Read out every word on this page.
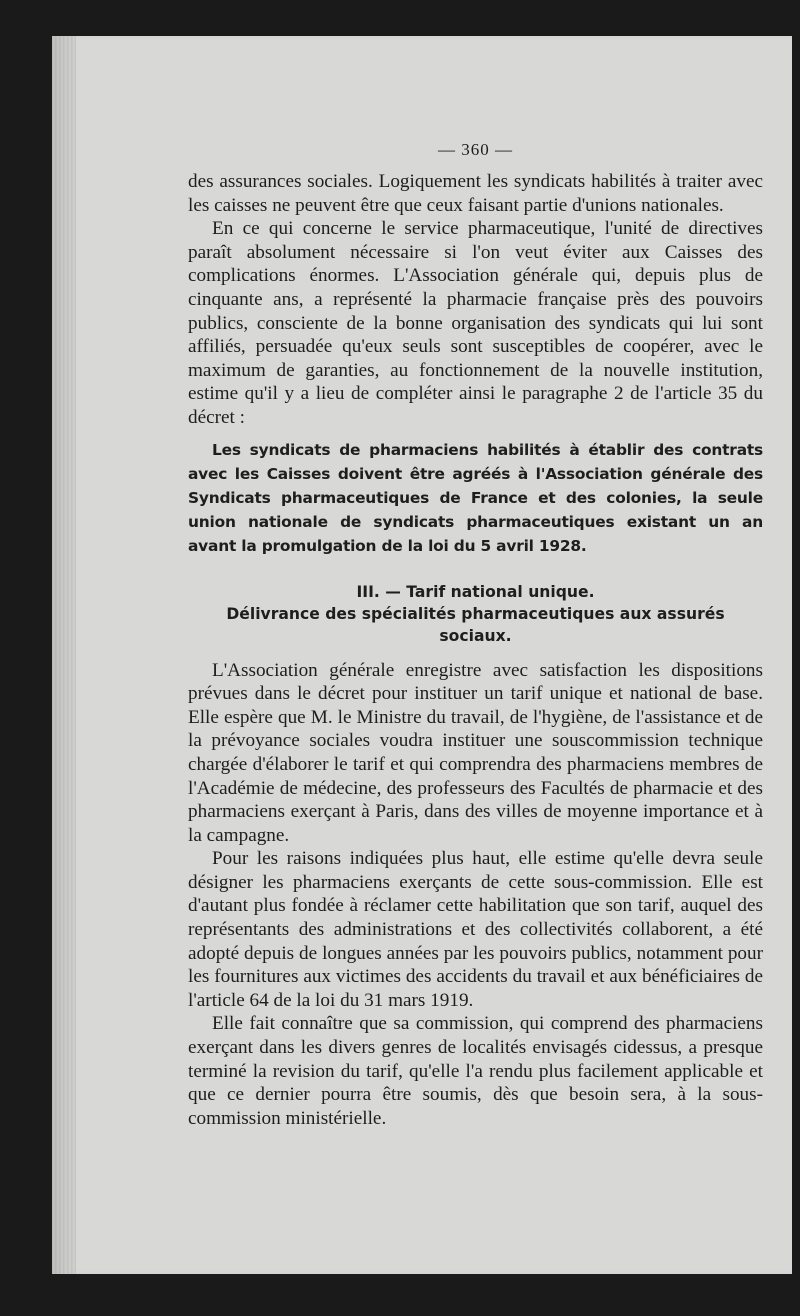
— 360 —

des assurances sociales. Logiquement les syndicats habilités à traiter avec les caisses ne peuvent être que ceux faisant partie d'unions nationales.

En ce qui concerne le service pharmaceutique, l'unité de directives paraît absolument nécessaire si l'on veut éviter aux Caisses des complications énormes. L'Association générale qui, depuis plus de cinquante ans, a représenté la pharmacie française près des pouvoirs publics, consciente de la bonne organisation des syndicats qui lui sont affiliés, persuadée qu'eux seuls sont susceptibles de coopérer, avec le maximum de garanties, au fonctionnement de la nouvelle institution, estime qu'il y a lieu de compléter ainsi le paragraphe 2 de l'article 35 du décret :

Les syndicats de pharmaciens habilités à établir des contrats avec les Caisses doivent être agréés à l'Association générale des Syndicats pharmaceutiques de France et des colonies, la seule union nationale de syndicats pharmaceutiques existant un an avant la promulgation de la loi du 5 avril 1928.

III. — Tarif national unique.

Délivrance des spécialités pharmaceutiques aux assurés sociaux.

L'Association générale enregistre avec satisfaction les dispositions prévues dans le décret pour instituer un tarif unique et national de base. Elle espère que M. le Ministre du travail, de l'hygiène, de l'assistance et de la prévoyance sociales voudra instituer une souscommission technique chargée d'élaborer le tarif et qui comprendra des pharmaciens membres de l'Académie de médecine, des professeurs des Facultés de pharmacie et des pharmaciens exerçant à Paris, dans des villes de moyenne importance et à la campagne.

Pour les raisons indiquées plus haut, elle estime qu'elle devra seule désigner les pharmaciens exerçants de cette sous-commission. Elle est d'autant plus fondée à réclamer cette habilitation que son tarif, auquel des représentants des administrations et des collectivités collaborent, a été adopté depuis de longues années par les pouvoirs publics, notamment pour les fournitures aux victimes des accidents du travail et aux bénéficiaires de l'article 64 de la loi du 31 mars 1919.

Elle fait connaître que sa commission, qui comprend des pharmaciens exerçant dans les divers genres de localités envisagés cidessus, a presque terminé la revision du tarif, qu'elle l'a rendu plus facilement applicable et que ce dernier pourra être soumis, dès que besoin sera, à la sous-commission ministérielle.
